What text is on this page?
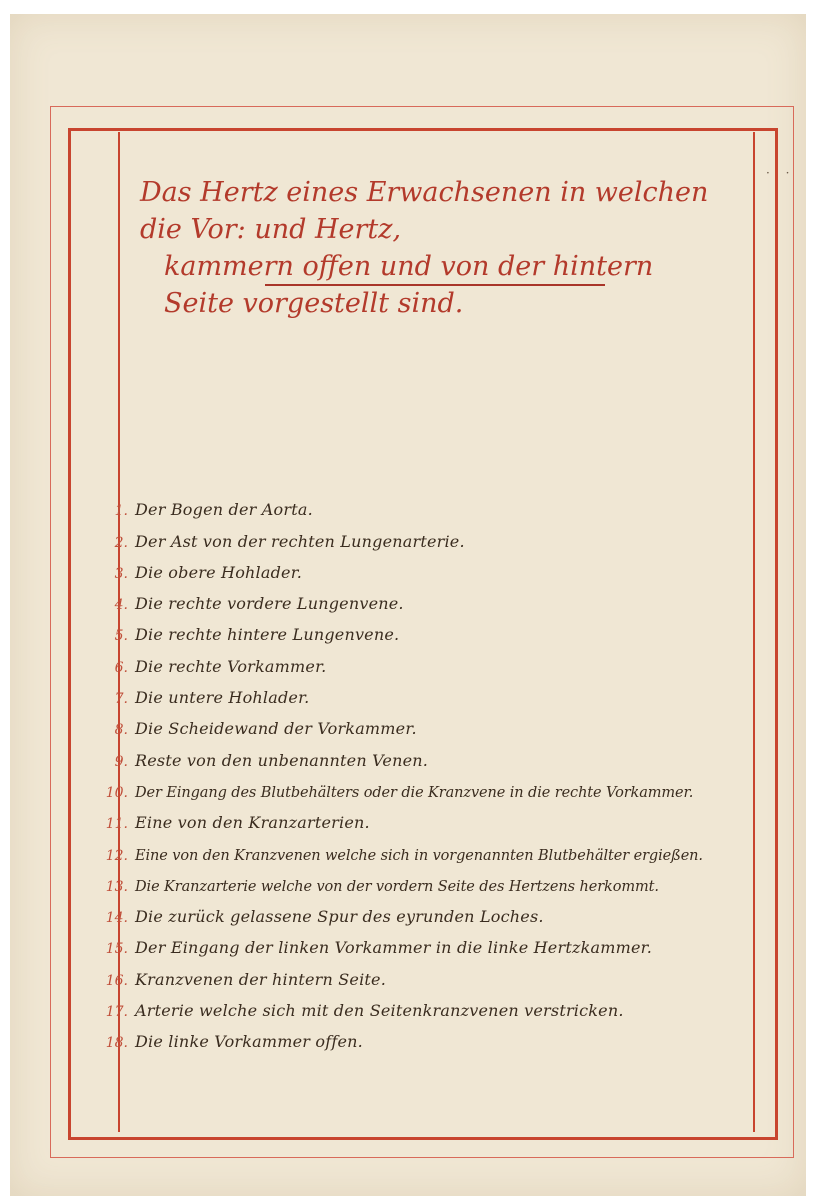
· ·
Das Hertz eines Erwachsenen in welchen die Vor: und Hertz,
kammern offen und von der hintern Seite vorgestellt sind.
1. Der Bogen der Aorta.
2. Der Ast von der rechten Lungenarterie.
3. Die obere Hohlader.
4. Die rechte vordere Lungenvene.
5. Die rechte hintere Lungenvene.
6. Die rechte Vorkammer.
7. Die untere Hohlader.
8. Die Scheidewand der Vorkammer.
9. Reste von den unbenannten Venen.
10. Der Eingang des Blutbehälters oder die Kranzvene in die rechte Vorkammer.
11. Eine von den Kranzarterien.
12. Eine von den Kranzvenen welche sich in vorgenannten Blutbehälter ergießen.
13. Die Kranzarterie welche von der vordern Seite des Hertzens herkommt.
14. Die zurück gelassene Spur des eyrunden Loches.
15. Der Eingang der linken Vorkammer in die linke Hertzkammer.
16. Kranzvenen der hintern Seite.
17. Arterie welche sich mit den Seitenkranzvenen verstricken.
18. Die linke Vorkammer offen.
